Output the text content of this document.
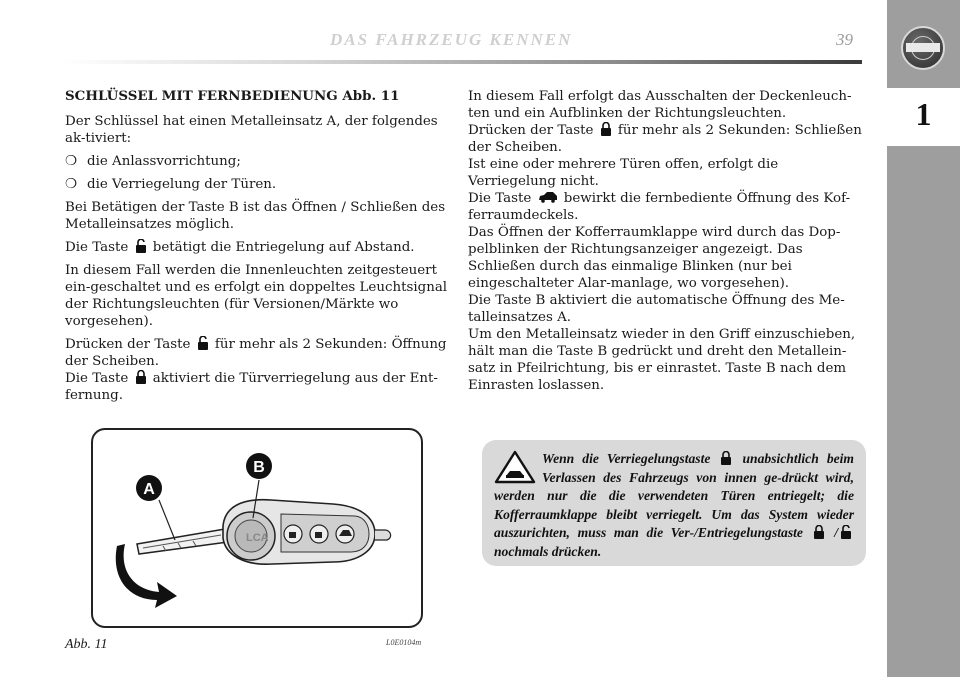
DAS FAHRZEUG KENNEN	39
1
SCHLÜSSEL MIT FERNBEDIENUNG Abb. 11

Der Schlüssel hat einen Metalleinsatz A, der folgendes ak-tiviert:

❍ die Anlassvorrichtung;
❍ die Verriegelung der Türen.

Bei Betätigen der Taste B ist das Öffnen / Schließen des Metalleinsatzes möglich.

Die Taste  betätigt die Entriegelung auf Abstand.

In diesem Fall werden die Innenleuchten zeitgesteuert ein-geschaltet und es erfolgt ein doppeltes Leuchtsignal der Richtungsleuchten (für Versionen/Märkte wo vorgesehen).

Drücken der Taste  für mehr als 2 Sekunden: Öffnung der Scheiben.

Die Taste  aktiviert die Türverriegelung aus der Ent-fernung.

In diesem Fall erfolgt das Ausschalten der Deckenleuch-ten und ein Aufblinken der Richtungsleuchten.

Drücken der Taste  für mehr als 2 Sekunden: Schließen der Scheiben.

Ist eine oder mehrere Türen offen, erfolgt die Verriegelung nicht.

Die Taste  bewirkt die fernbediente Öffnung des Kof-ferraumdeckels.

Das Öffnen der Kofferraumklappe wird durch das Dop-pelblinken der Richtungsanzeiger angezeigt. Das Schließen durch das einmalige Blinken (nur bei eingeschalteter Alar-manlage, wo vorgesehen).

Die Taste B aktiviert die automatische Öffnung des Me-talleinsatzes A.

Um den Metalleinsatz wieder in den Griff einzuschieben, hält man die Taste B gedrückt und dreht den Metallein-satz in Pfeilrichtung, bis er einrastet. Taste B nach dem Einrasten loslassen.

LCA
A
B
Abb. 11	L0E0104m
Wenn die Verriegelungstaste  unabsichtlich beim Verlassen des Fahrzeugs von innen ge-drückt wird, werden nur die die verwendeten Türen entriegelt; die Kofferraumklappe bleibt verriegelt. Um das System wieder auszurichten, muss man die Ver-/Entriegelungstaste  / nochmals drücken.
